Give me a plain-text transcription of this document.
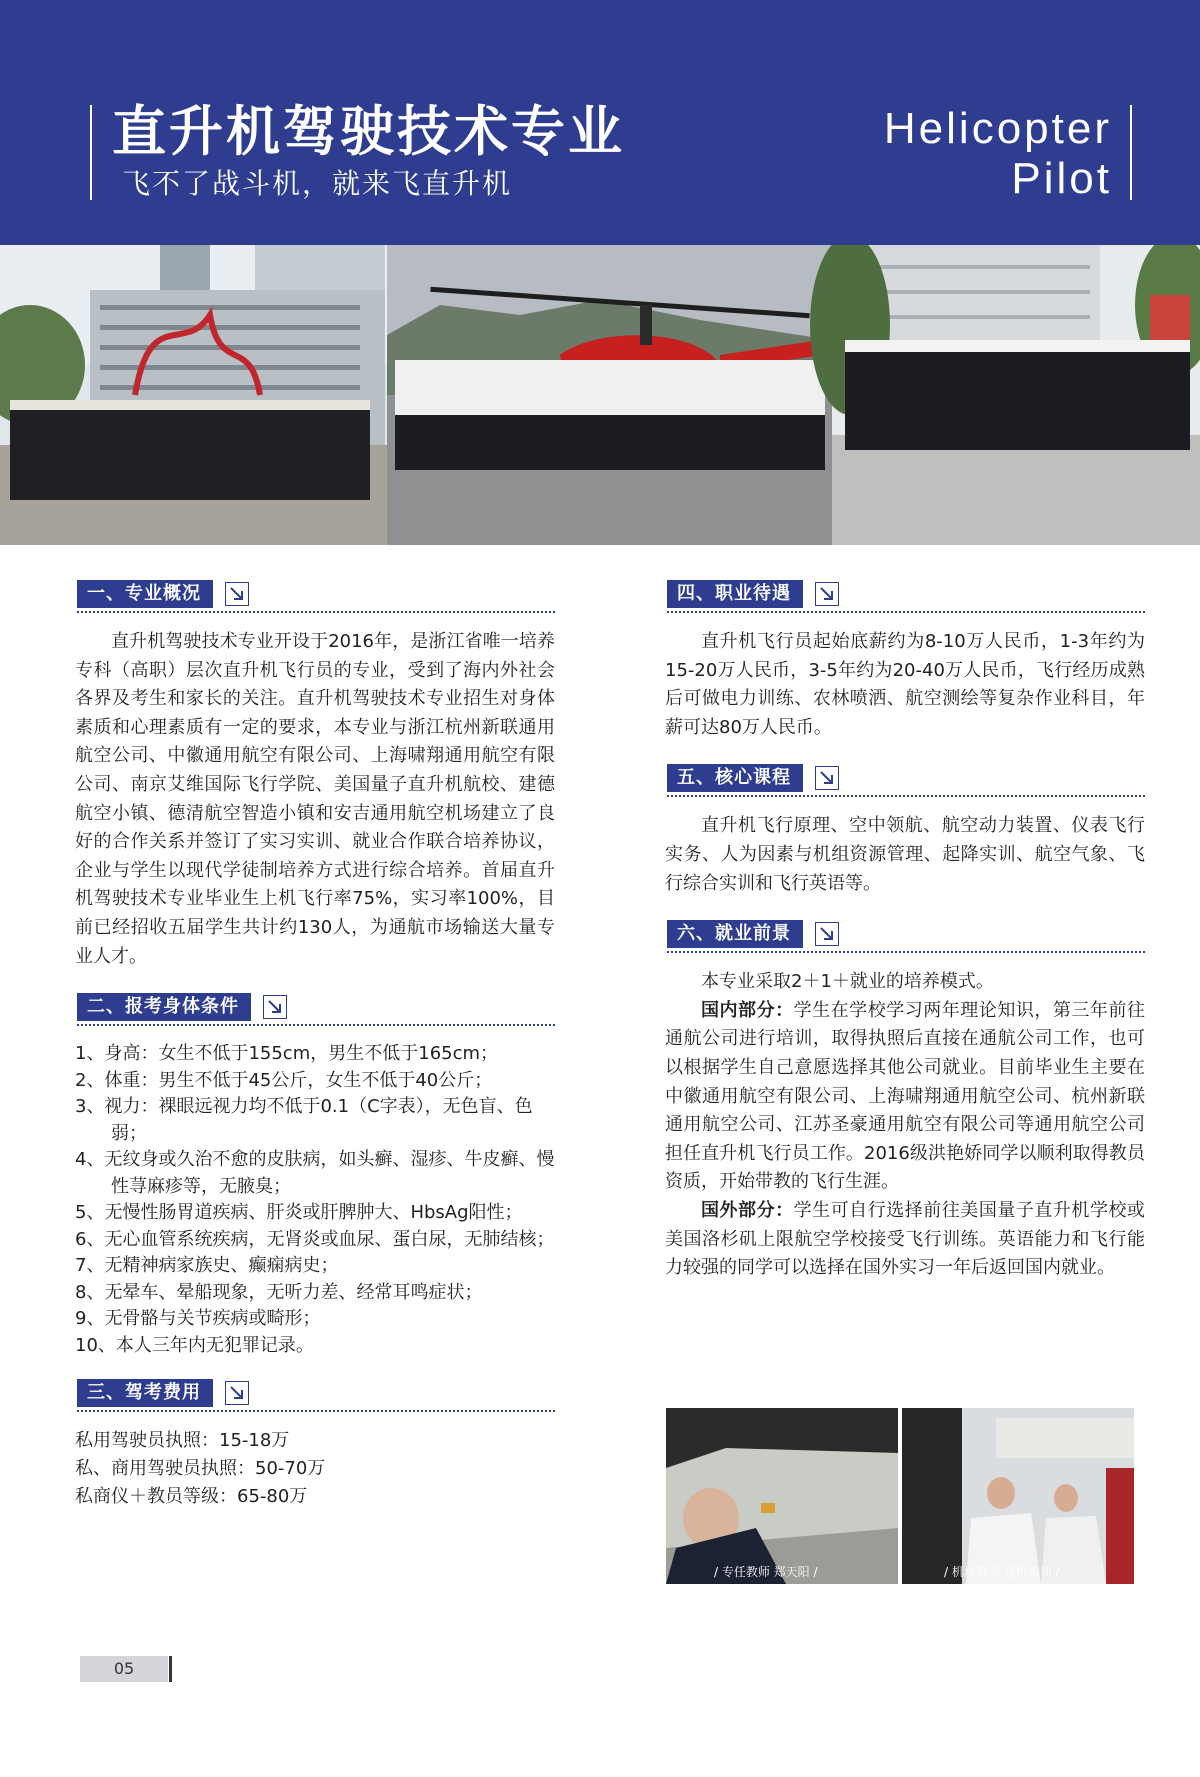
直升机驾驶技术专业
飞不了战斗机，就来飞直升机
Helicopter
Pilot
一、专业概况

直升机驾驶技术专业开设于2016年，是浙江省唯一培养专科（高职）层次直升机飞行员的专业，受到了海内外社会各界及考生和家长的关注。直升机驾驶技术专业招生对身体素质和心理素质有一定的要求，本专业与浙江杭州新联通用航空公司、中徽通用航空有限公司、上海啸翔通用航空有限公司、南京艾维国际飞行学院、美国量子直升机航校、建德航空小镇、德清航空智造小镇和安吉通用航空机场建立了良好的合作关系并签订了实习实训、就业合作联合培养协议，企业与学生以现代学徒制培养方式进行综合培养。首届直升机驾驶技术专业毕业生上机飞行率75%，实习率100%，目前已经招收五届学生共计约130人，为通航市场输送大量专业人才。

二、报考身体条件
1、身高：女生不低于155cm，男生不低于165cm；
2、体重：男生不低于45公斤，女生不低于40公斤；
3、视力：裸眼远视力均不低于0.1（C字表），无色盲、色弱；
4、无纹身或久治不愈的皮肤病，如头癣、湿疹、牛皮癣、慢性荨麻疹等，无腋臭；
5、无慢性肠胃道疾病、肝炎或肝脾肿大、HbsAg阳性；
6、无心血管系统疾病，无肾炎或血尿、蛋白尿，无肺结核；
7、无精神病家族史、癫痫病史；
8、无晕车、晕船现象，无听力差、经常耳鸣症状；
9、无骨骼与关节疾病或畸形；
10、本人三年内无犯罪记录。
三、驾考费用

私用驾驶员执照：15-18万

私、商用驾驶员执照：50-70万

私商仪＋教员等级：65-80万

四、职业待遇

直升机飞行员起始底薪约为8-10万人民币，1-3年约为15-20万人民币，3-5年约为20-40万人民币，飞行经历成熟后可做电力训练、农林喷洒、航空测绘等复杂作业科目，年薪可达80万人民币。

五、核心课程

直升机飞行原理、空中领航、航空动力装置、仪表飞行实务、人为因素与机组资源管理、起降实训、航空气象、飞行综合实训和飞行英语等。

六、就业前景

本专业采取2＋1＋就业的培养模式。

国内部分：学生在学校学习两年理论知识，第三年前往通航公司进行培训，取得执照后直接在通航公司工作，也可以根据学生自己意愿选择其他公司就业。目前毕业生主要在中徽通用航空有限公司、上海啸翔通用航空公司、杭州新联通用航空公司、江苏圣豪通用航空有限公司等通用航空公司担任直升机飞行员工作。2016级洪艳娇同学以顺利取得教员资质，开始带教的飞行生涯。

国外部分：学生可自行选择前往美国量子直升机学校或美国洛杉矶上限航空学校接受飞行训练。英语能力和飞行能力较强的同学可以选择在国外实习一年后返回国内就业。

/ 专任教师 郑天阳 /	/ 机场教学 登机实训 /
05
